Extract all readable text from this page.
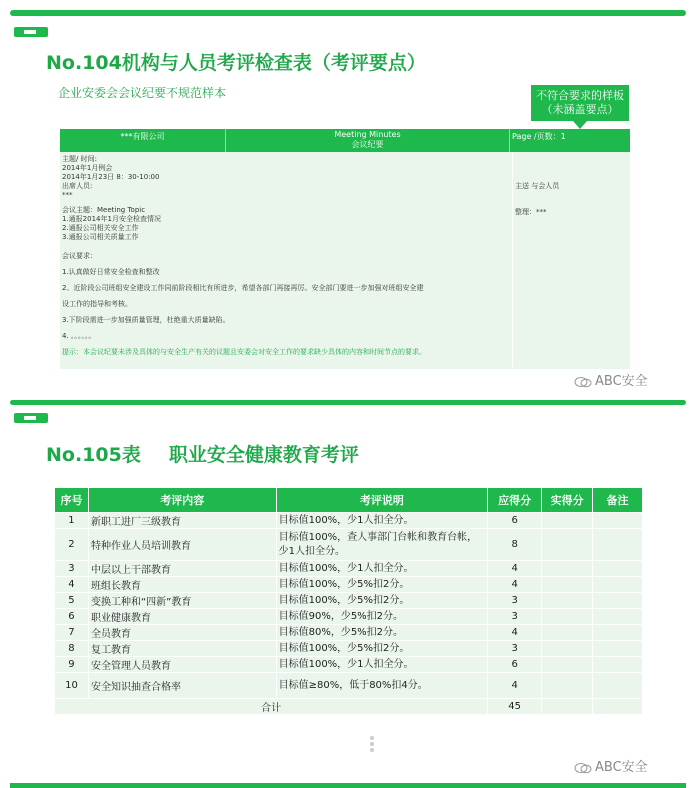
No.104机构与人员考评检查表（考评要点）
企业安委会会议纪要不规范样本	不符合要求的样板（未涵盖要点）
***有限公司	Meeting Minutes
会议纪要
Page /页数：1
主题/ 时间:
2014年1月例会
2014年1月23日 8：30-10:00
出席人员:
***
会议主题：Meeting Topic
1.通报2014年1月安全检查情况
2.通报公司相关安全工作
3.通报公司相关质量工作
会议要求：
1.认真做好日常安全检查和整改
2、近阶段公司班组安全建设工作同前阶段相比有所进步，希望各部门再接再厉。安全部门要进一步加强对班组安全建
设工作的指导和考核。
3.下阶段需进一步加强质量管理，杜绝重大质量缺陷。
4. 。。。。。。
提示：本会议纪要未涉及具体的与安全生产有关的议题且安委会对安全工作的要求缺少具体的内容和时间节点的要求。
主送 与会人员
整理：***
ABC安全
No.105表 职业安全健康教育考评
序号	考评内容	考评说明	应得分	实得分	备注
1	新职工进厂三级教育	目标值100%，少1人扣全分。	6		
2	特种作业人员培训教育	目标值100%，查人事部门台帐和教育台帐，少1人扣全分。	8		
3	中层以上干部教育	目标值100%，少1人扣全分。	4		
4	班组长教育	目标值100%，少5%扣2分。	4		
5	变换工种和“四新”教育	目标值100%，少5%扣2分。	3		
6	职业健康教育	目标值90%，少5%扣2分。	3		
7	全员教育	目标值80%，少5%扣2分。	4		
8	复工教育	目标值100%，少5%扣2分。	3		
9	安全管理人员教育	目标值100%，少1人扣全分。	6		
10	安全知识抽查合格率	目标值≥80%，低于80%扣4分。	4		
合计			45		
ABC安全
